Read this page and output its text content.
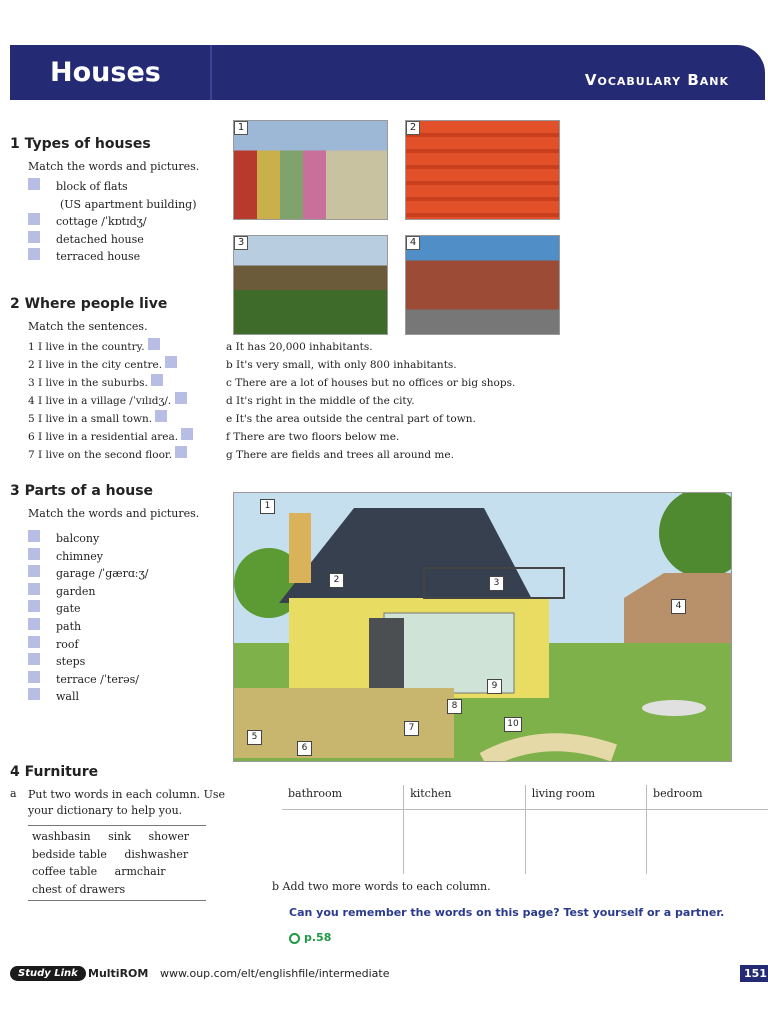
Houses	Vocabulary Bank
1 Types of houses
Match the words and pictures.
block of flats
(US apartment building)
cottage /ˈkɒtɪdʒ/
detached house
terraced house
1	2
3	4
2 Where people live
Match the sentences.
1 I live in the country.
2 I live in the city centre.
3 I live in the suburbs.
4 I live in a village /ˈvɪlɪdʒ/.
5 I live in a small town.
6 I live in a residential area.
7 I live on the second floor.
a It has 20,000 inhabitants.
b It's very small, with only 800 inhabitants.
c There are a lot of houses but no offices or big shops.
d It's right in the middle of the city.
e It's the area outside the central part of town.
f There are two floors below me.
g There are fields and trees all around me.
3 Parts of a house
Match the words and pictures.
balcony
chimney
garage /ˈgærɑːʒ/
garden
gate
path
roof
steps
terrace /ˈterəs/
wall
1
2	3
4
5
6
7
8
9
10
4 Furniture
a Put two words in each column. Use your dictionary to help you.
washbasin sink shower
bedside table dishwasher
coffee table armchair
chest of drawers
bathroom	kitchen	living room	bedroom

b Add two more words to each column.
Can you remember the words on this page? Test yourself or a partner.
p.58
Study Link MultiROM www.oup.com/elt/englishfile/intermediate	151
